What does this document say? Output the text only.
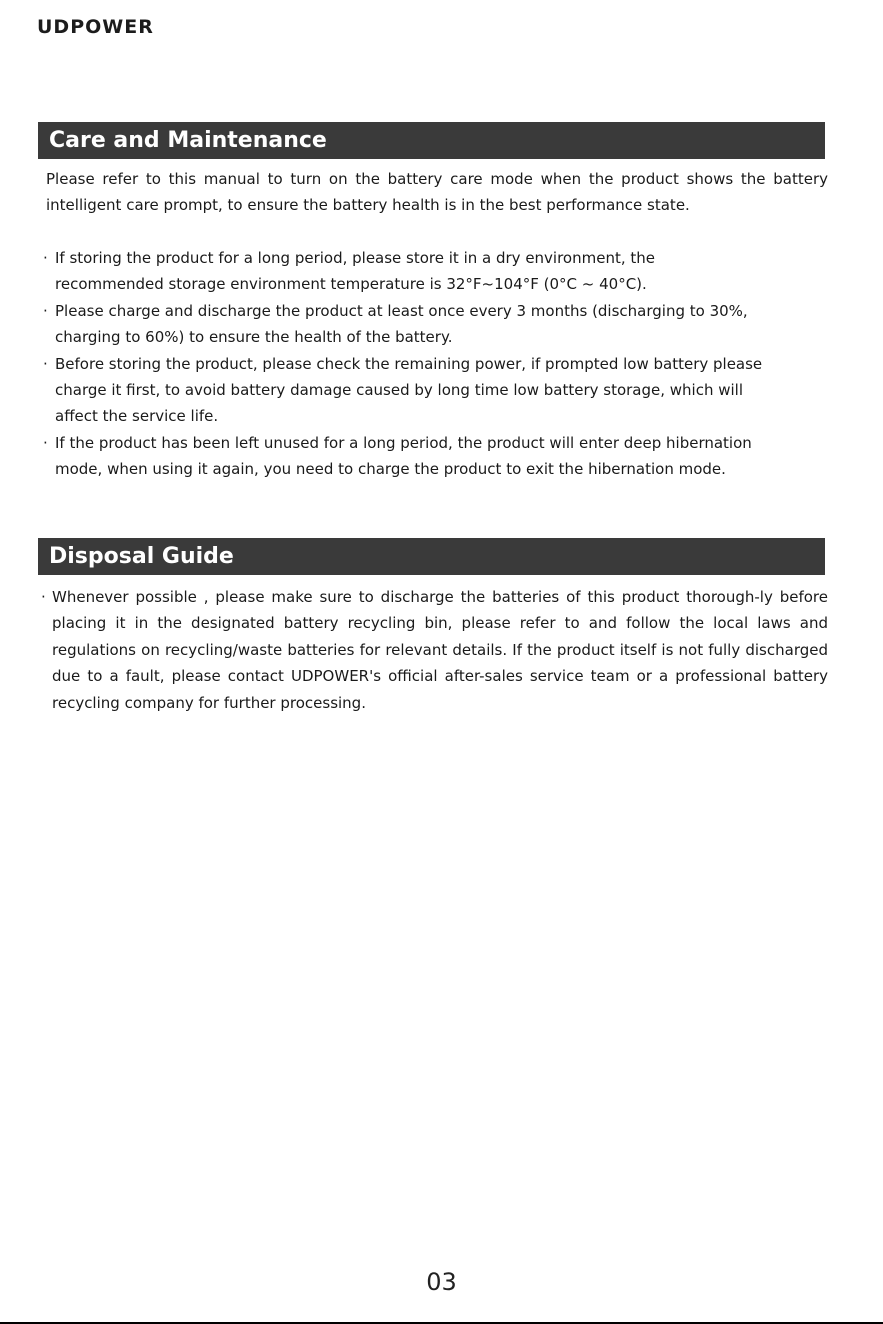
UDPOWER
Care and Maintenance
Please refer to this manual to turn on the battery care mode when the product shows the battery intelligent care prompt, to ensure the battery health is in the best performance state.
· If storing the product for a long period, please store it in a dry environment, the recommended storage environment temperature is 32°F~104°F (0°C ~ 40°C).
· Please charge and discharge the product at least once every 3 months (discharging to 30%, charging to 60%) to ensure the health of the battery.
· Before storing the product, please check the remaining power, if prompted low battery please charge it first, to avoid battery damage caused by long time low battery storage, which will affect the service life.
· If the product has been left unused for a long period, the product will enter deep hibernation mode, when using it again, you need to charge the product to exit the hibernation mode.
Disposal Guide
· Whenever possible , please make sure to discharge the batteries of this product thorough-ly before placing it in the designated battery recycling bin, please refer to and follow the local laws and regulations on recycling/waste batteries for relevant details. If the product itself is not fully discharged due to a fault, please contact UDPOWER's official after-sales service team or a professional battery recycling company for further processing.
03
